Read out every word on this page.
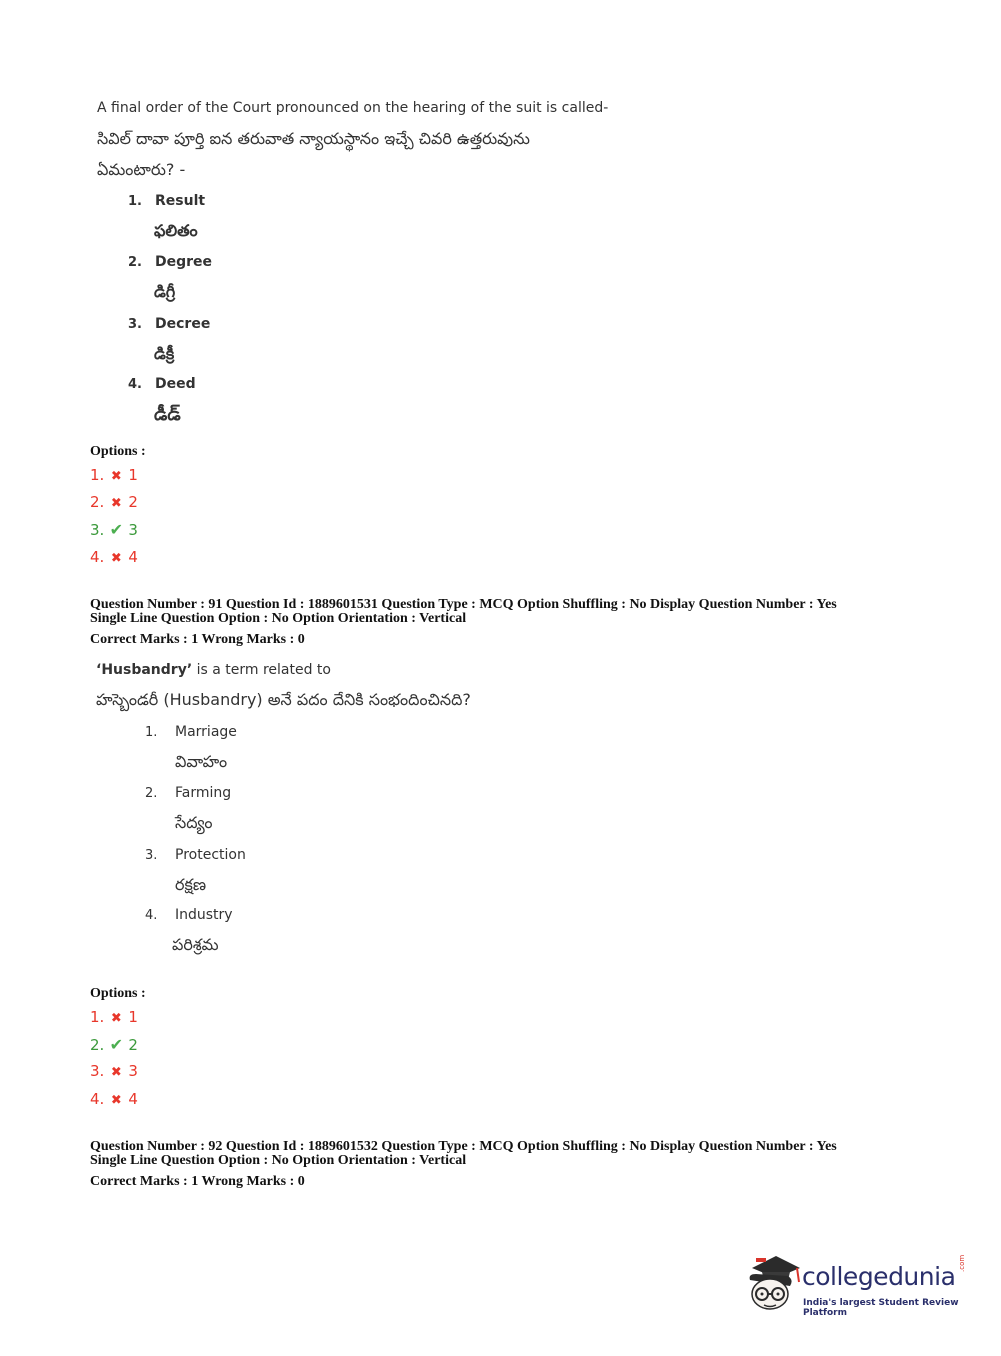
A final order of the Court pronounced on the hearing of the suit is called-
సివిల్ దావా పూర్తి ఐన తరువాత న్యాయస్థానం ఇచ్చే చివరి ఉత్తరువును
ఏమంటారు? -
1. Result
ఫలితం
2. Degree
డిగ్రీ
3. Decree
డిక్రీ
4. Deed
డీడ్
Options :
1. ✖ 1
2. ✖ 2
3. ✔ 3
4. ✖ 4
Question Number : 91 Question Id : 1889601531 Question Type : MCQ Option Shuffling : No Display Question Number : Yes
Single Line Question Option : No Option Orientation : Vertical
Correct Marks : 1 Wrong Marks : 0
‘Husbandry’ is a term related to
హస్బెండరీ (Husbandry) అనే పదం దేనికి సంభందించినది?
1. Marriage
వివాహం
2. Farming
సేద్యం
3. Protection
రక్షణ
4. Industry
పరిశ్రమ
Options :
1. ✖ 1
2. ✔ 2
3. ✖ 3
4. ✖ 4
Question Number : 92 Question Id : 1889601532 Question Type : MCQ Option Shuffling : No Display Question Number : Yes
Single Line Question Option : No Option Orientation : Vertical
Correct Marks : 1 Wrong Marks : 0
collegedunia .com
India's largest Student Review Platform
